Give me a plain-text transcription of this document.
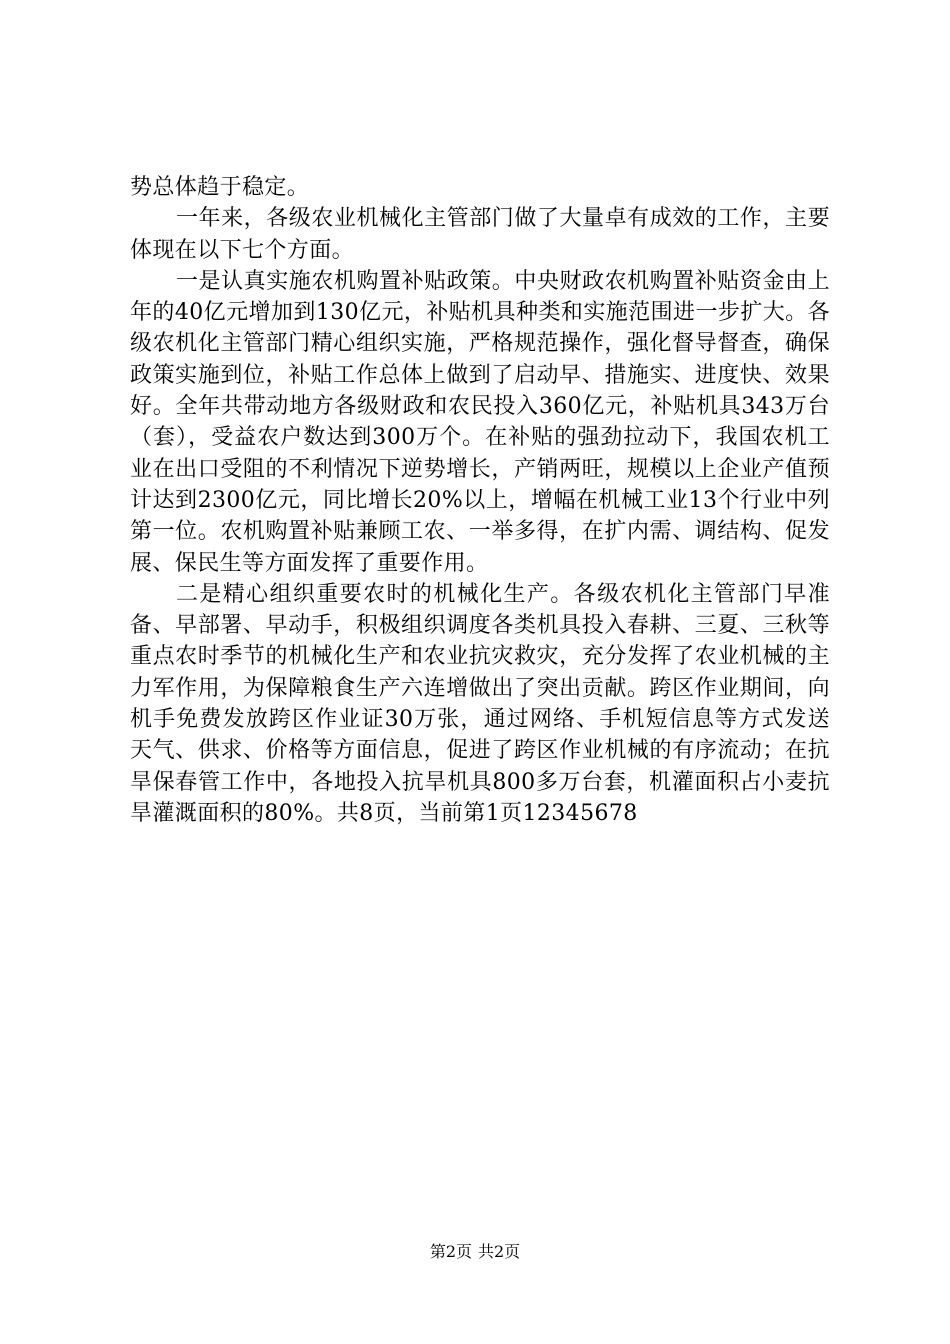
势总体趋于稳定。

一年来，各级农业机械化主管部门做了大量卓有成效的工作，主要体现在以下七个方面。

一是认真实施农机购置补贴政策。中央财政农机购置补贴资金由上年的40亿元增加到130亿元，补贴机具种类和实施范围进一步扩大。各级农机化主管部门精心组织实施，严格规范操作，强化督导督查，确保政策实施到位，补贴工作总体上做到了启动早、措施实、进度快、效果好。全年共带动地方各级财政和农民投入360亿元，补贴机具343万台（套），受益农户数达到300万个。在补贴的强劲拉动下，我国农机工业在出口受阻的不利情况下逆势增长，产销两旺，规模以上企业产值预计达到2300亿元，同比增长20%以上，增幅在机械工业13个行业中列第一位。农机购置补贴兼顾工农、一举多得，在扩内需、调结构、促发展、保民生等方面发挥了重要作用。

二是精心组织重要农时的机械化生产。各级农机化主管部门早准备、早部署、早动手，积极组织调度各类机具投入春耕、三夏、三秋等重点农时季节的机械化生产和农业抗灾救灾，充分发挥了农业机械的主力军作用，为保障粮食生产六连增做出了突出贡献。跨区作业期间，向机手免费发放跨区作业证30万张，通过网络、手机短信息等方式发送天气、供求、价格等方面信息，促进了跨区作业机械的有序流动；在抗旱保春管工作中，各地投入抗旱机具800多万台套，机灌面积占小麦抗旱灌溉面积的80%。共8页，当前第1页12345678

第2页 共2页
